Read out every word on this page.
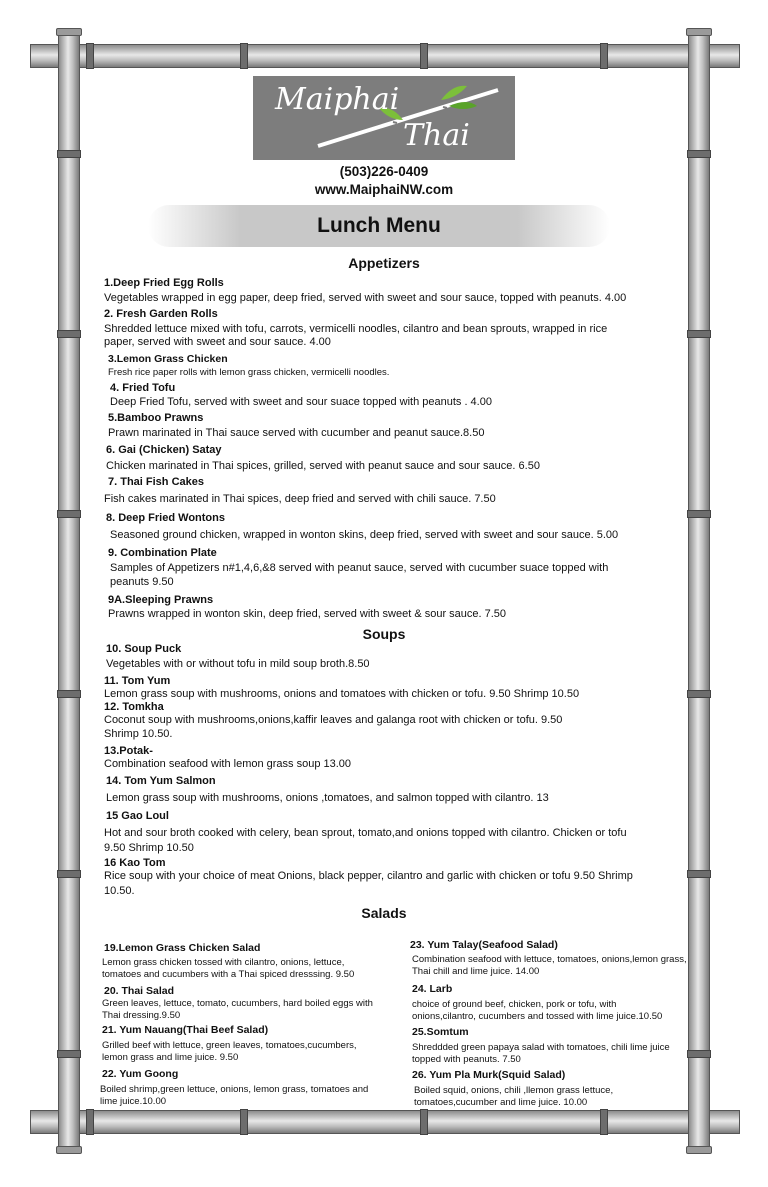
Maiphai
Thai
(503)226-0409
www.MaiphaiNW.com
Lunch Menu
Appetizers
Soups
Salads
1.Deep Fried Egg Rolls
Vegetables wrapped in egg paper, deep fried, served with sweet and sour sauce, topped with peanuts. 4.00
2. Fresh Garden Rolls
Shredded lettuce mixed with tofu, carrots, vermicelli noodles, cilantro and bean sprouts, wrapped in rice
paper, served with sweet and sour sauce. 4.00
3.Lemon Grass Chicken
Fresh rice paper rolls with lemon grass chicken, vermicelli noodles.
4. Fried Tofu
Deep Fried Tofu, served with sweet and sour suace topped with peanuts . 4.00
5.Bamboo Prawns
Prawn marinated in Thai sauce served with cucumber and peanut sauce.8.50
6. Gai (Chicken) Satay
Chicken marinated in Thai spices, grilled, served with peanut sauce and sour sauce. 6.50
7. Thai Fish Cakes
Fish cakes marinated in Thai spices, deep fried and served with chili sauce. 7.50
8. Deep Fried Wontons
Seasoned ground chicken, wrapped in wonton skins, deep fried, served with sweet and sour sauce. 5.00
9. Combination Plate
Samples of Appetizers n#1,4,6,&8 served with peanut sauce, served with cucumber suace topped with
peanuts 9.50
9A.Sleeping Prawns
Prawns wrapped in wonton skin, deep fried, served with sweet & sour sauce. 7.50
10. Soup Puck
Vegetables with or without tofu in mild soup broth.8.50
11. Tom Yum
Lemon grass soup with mushrooms, onions and tomatoes with chicken or tofu. 9.50 Shrimp 10.50
12. Tomkha
Coconut soup with mushrooms,onions,kaffir leaves and galanga root with chicken or tofu. 9.50
Shrimp 10.50.
13.Potak-
Combination seafood with lemon grass soup 13.00
14. Tom Yum Salmon
Lemon grass soup with mushrooms, onions ,tomatoes, and salmon topped with cilantro. 13
15 Gao Loul
Hot and sour broth cooked with celery, bean sprout, tomato,and onions topped with cilantro. Chicken or tofu
9.50 Shrimp 10.50
16 Kao Tom
Rice soup with your choice of meat Onions, black pepper, cilantro and garlic with chicken or tofu 9.50 Shrimp
10.50.
19.Lemon Grass Chicken Salad
Lemon grass chicken tossed with cilantro, onions, lettuce,
tomatoes and cucumbers with a Thai spiced dresssing. 9.50
20. Thai Salad
Green leaves, lettuce, tomato, cucumbers, hard boiled eggs with
Thai dressing.9.50
21. Yum Nauang(Thai Beef Salad)
Grilled beef with lettuce, green leaves, tomatoes,cucumbers,
lemon grass and lime juice. 9.50
22. Yum Goong
Boiled shrimp,green lettuce, onions, lemon grass, tomatoes and
lime juice.10.00
23. Yum Talay(Seafood Salad)
Combination seafood with lettuce, tomatoes, onions,lemon grass,
Thai chill and lime juice. 14.00
24. Larb
choice of ground beef, chicken, pork or tofu, with
onions,cilantro, cucumbers and tossed with lime juice.10.50
25.Somtum
Shreddded green papaya salad with tomatoes, chili lime juice
topped with peanuts. 7.50
26. Yum Pla Murk(Squid Salad)
Boiled squid, onions, chili ,llemon grass lettuce,
tomatoes,cucumber and lime juice. 10.00
